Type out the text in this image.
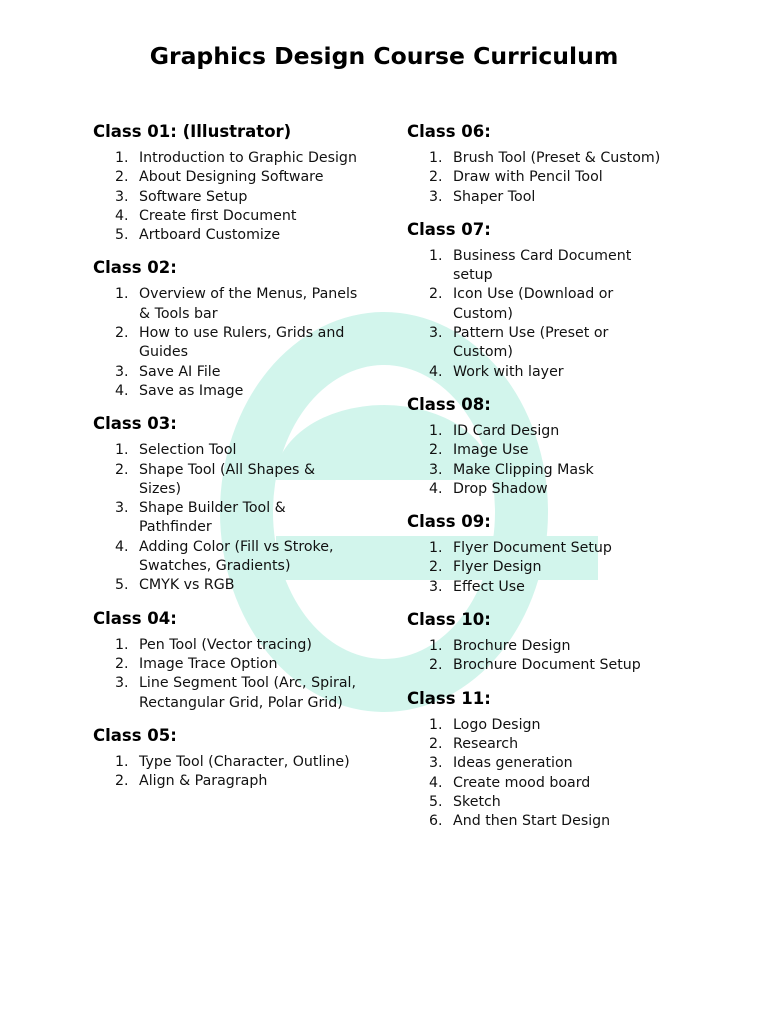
Graphics Design Course Curriculum
Class 01: (Illustrator)
1. Introduction to Graphic Design
2. About Designing Software
3. Software Setup
4. Create first Document
5. Artboard Customize
Class 02:
1. Overview of the Menus, Panels & Tools bar
2. How to use Rulers, Grids and Guides
3. Save AI File
4. Save as Image
Class 03:
1. Selection Tool
2. Shape Tool (All Shapes & Sizes)
3. Shape Builder Tool & Pathfinder
4. Adding Color (Fill vs Stroke, Swatches, Gradients)
5. CMYK vs RGB
Class 04:
1. Pen Tool (Vector tracing)
2. Image Trace Option
3. Line Segment Tool (Arc, Spiral, Rectangular Grid, Polar Grid)
Class 05:
1. Type Tool (Character, Outline)
2. Align & Paragraph
Class 06:
1. Brush Tool (Preset & Custom)
2. Draw with Pencil Tool
3. Shaper Tool
Class 07:
1. Business Card Document setup
2. Icon Use (Download or Custom)
3. Pattern Use (Preset or Custom)
4. Work with layer
Class 08:
1. ID Card Design
2. Image Use
3. Make Clipping Mask
4. Drop Shadow
Class 09:
1. Flyer Document Setup
2. Flyer Design
3. Effect Use
Class 10:
1. Brochure Design
2. Brochure Document Setup
Class 11:
1. Logo Design
2. Research
3. Ideas generation
4. Create mood board
5. Sketch
6. And then Start Design
